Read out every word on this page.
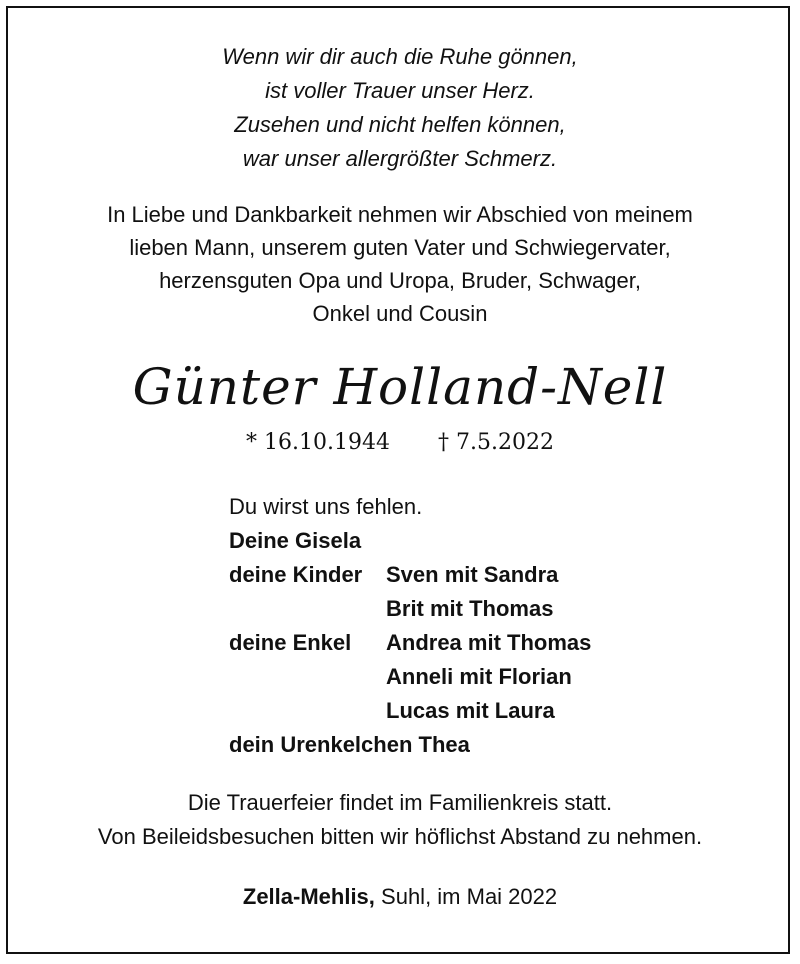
Wenn wir dir auch die Ruhe gönnen,
ist voller Trauer unser Herz.
Zusehen und nicht helfen können,
war unser allergrößter Schmerz.
In Liebe und Dankbarkeit nehmen wir Abschied von meinem
lieben Mann, unserem guten Vater und Schwiegervater,
herzensguten Opa und Uropa, Bruder, Schwager,
Onkel und Cousin
Günter Holland-Nell
* 16.10.1944 † 7.5.2022
Du wirst uns fehlen.
Deine Gisela
deine Kinder	Sven mit Sandra
Brit mit Thomas
deine Enkel	Andrea mit Thomas
Anneli mit Florian
Lucas mit Laura
dein Urenkelchen Thea
Die Trauerfeier findet im Familienkreis statt.
Von Beileidsbesuchen bitten wir höflichst Abstand zu nehmen.
Zella-Mehlis, Suhl, im Mai 2022
